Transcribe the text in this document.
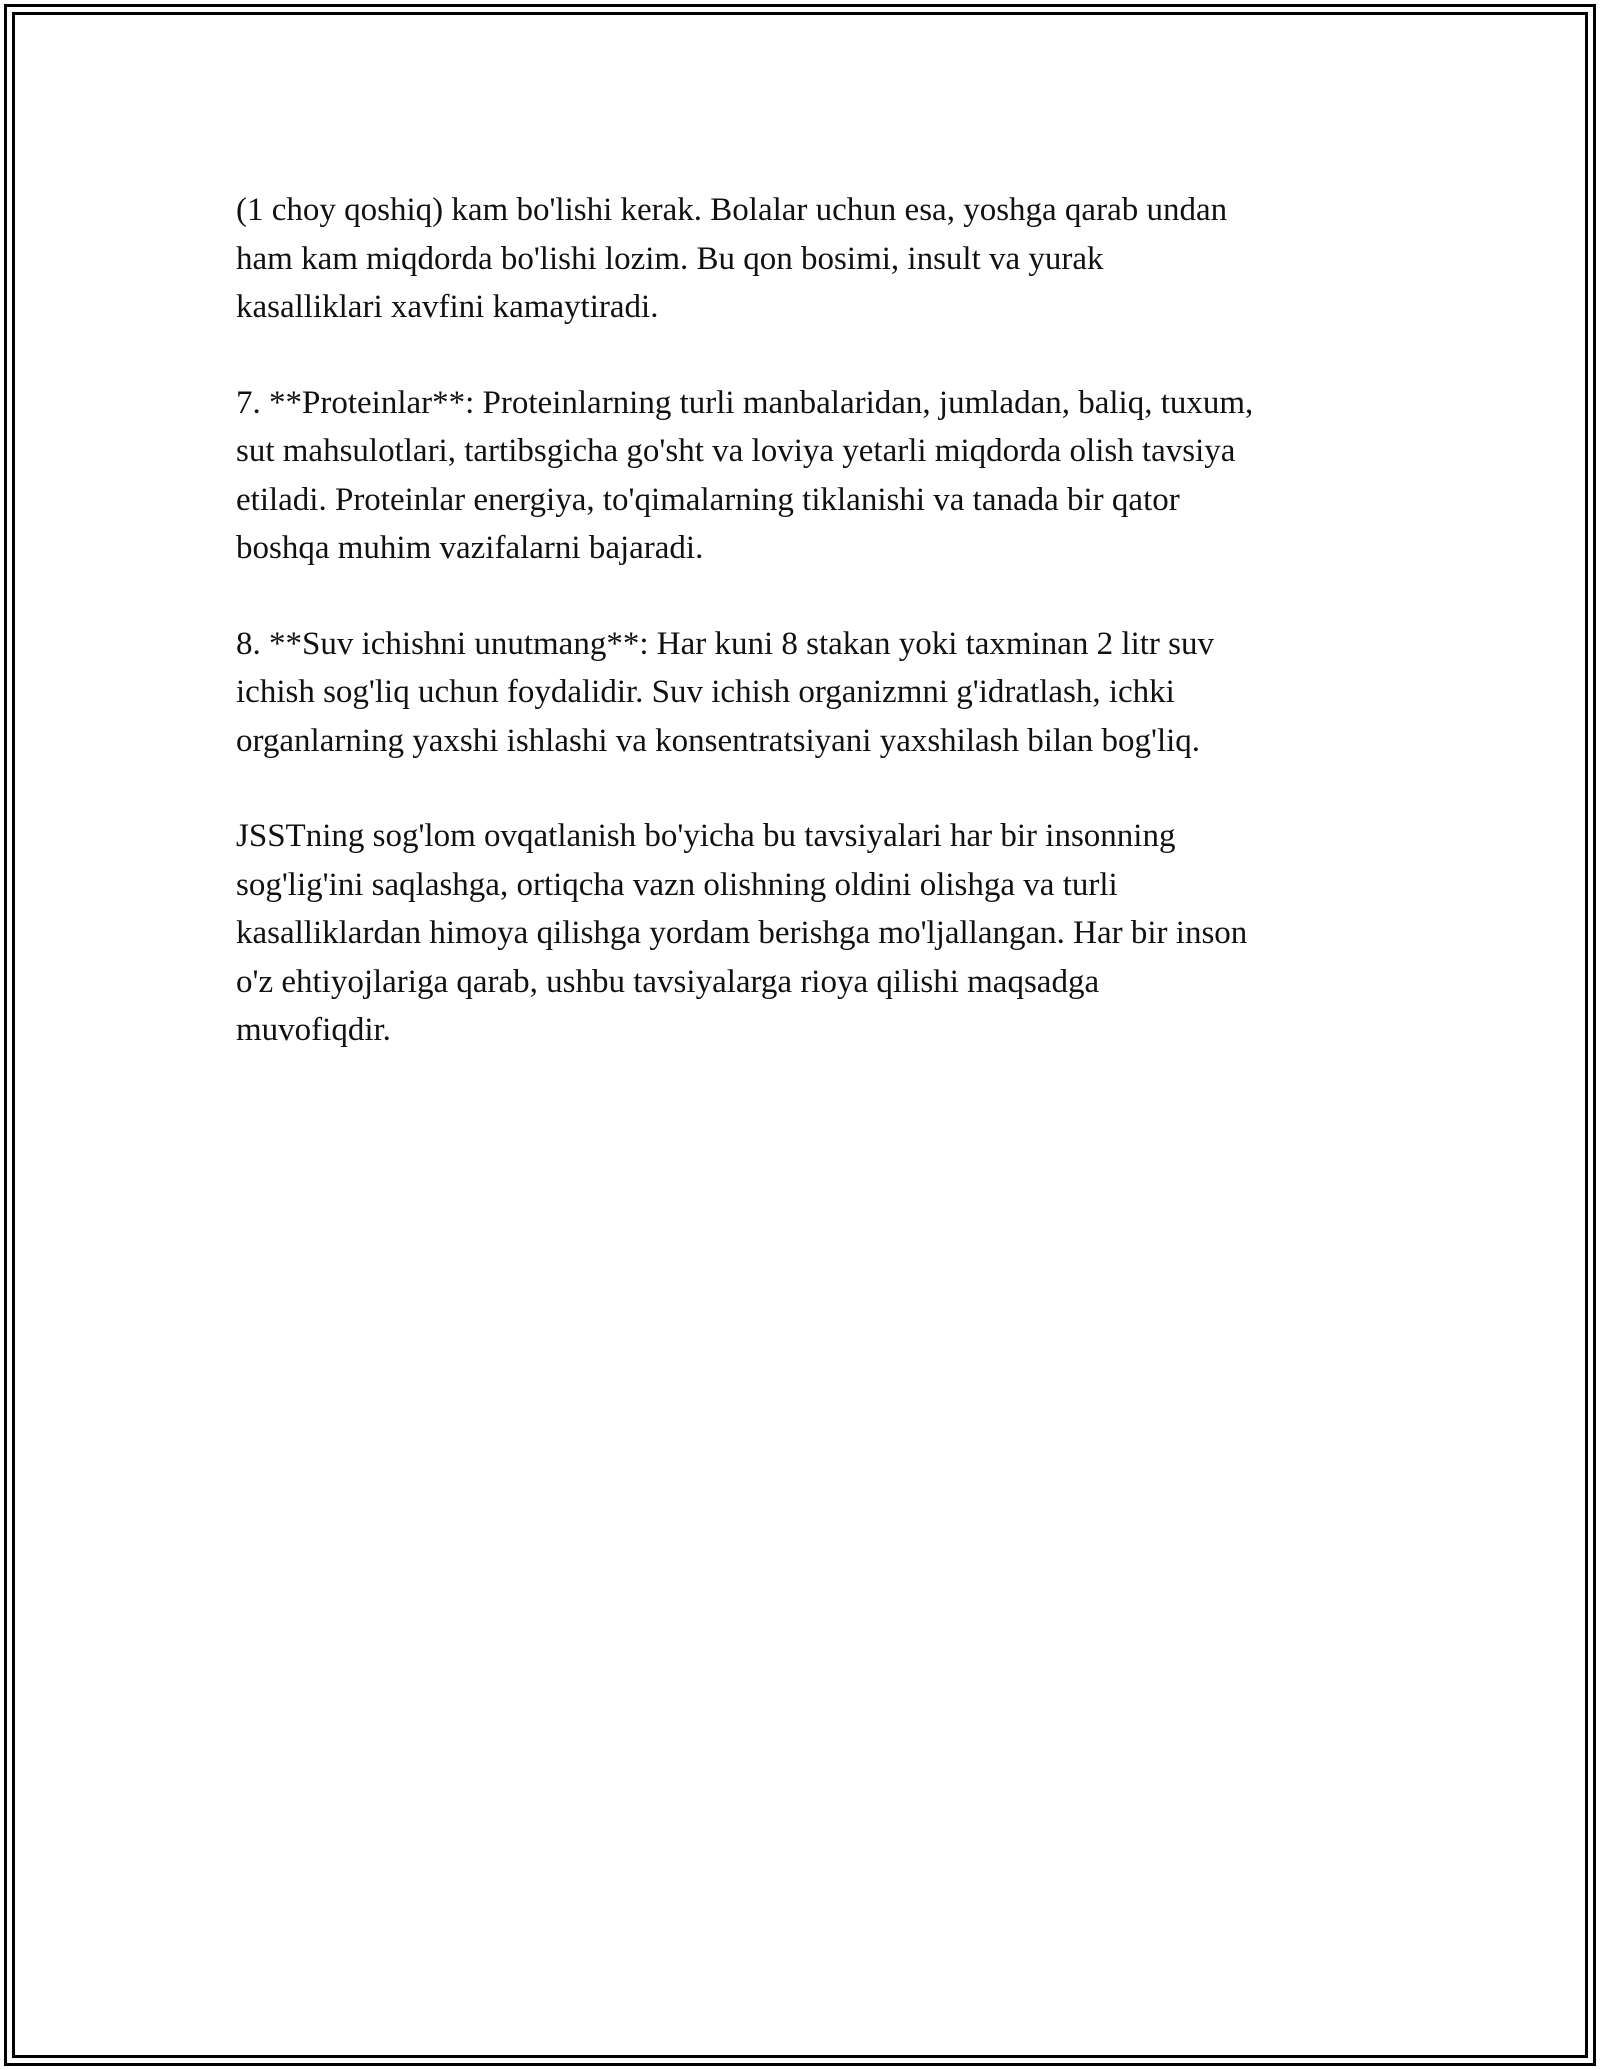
(1 choy qoshiq) kam bo'lishi kerak. Bolalar uchun esa, yoshga qarab undan
ham kam miqdorda bo'lishi lozim. Bu qon bosimi, insult va yurak
kasalliklari xavfini kamaytiradi.

7. **Proteinlar**: Proteinlarning turli manbalaridan, jumladan, baliq, tuxum,
sut mahsulotlari, tartibsgicha go'sht va loviya yetarli miqdorda olish tavsiya
etiladi. Proteinlar energiya, to'qimalarning tiklanishi va tanada bir qator
boshqa muhim vazifalarni bajaradi.

8. **Suv ichishni unutmang**: Har kuni 8 stakan yoki taxminan 2 litr suv
ichish sog'liq uchun foydalidir. Suv ichish organizmni g'idratlash, ichki
organlarning yaxshi ishlashi va konsentratsiyani yaxshilash bilan bog'liq.

JSSTning sog'lom ovqatlanish bo'yicha bu tavsiyalari har bir insonning
sog'lig'ini saqlashga, ortiqcha vazn olishning oldini olishga va turli
kasalliklardan himoya qilishga yordam berishga mo'ljallangan. Har bir inson
o'z ehtiyojlariga qarab, ushbu tavsiyalarga rioya qilishi maqsadga
muvofiqdir.
